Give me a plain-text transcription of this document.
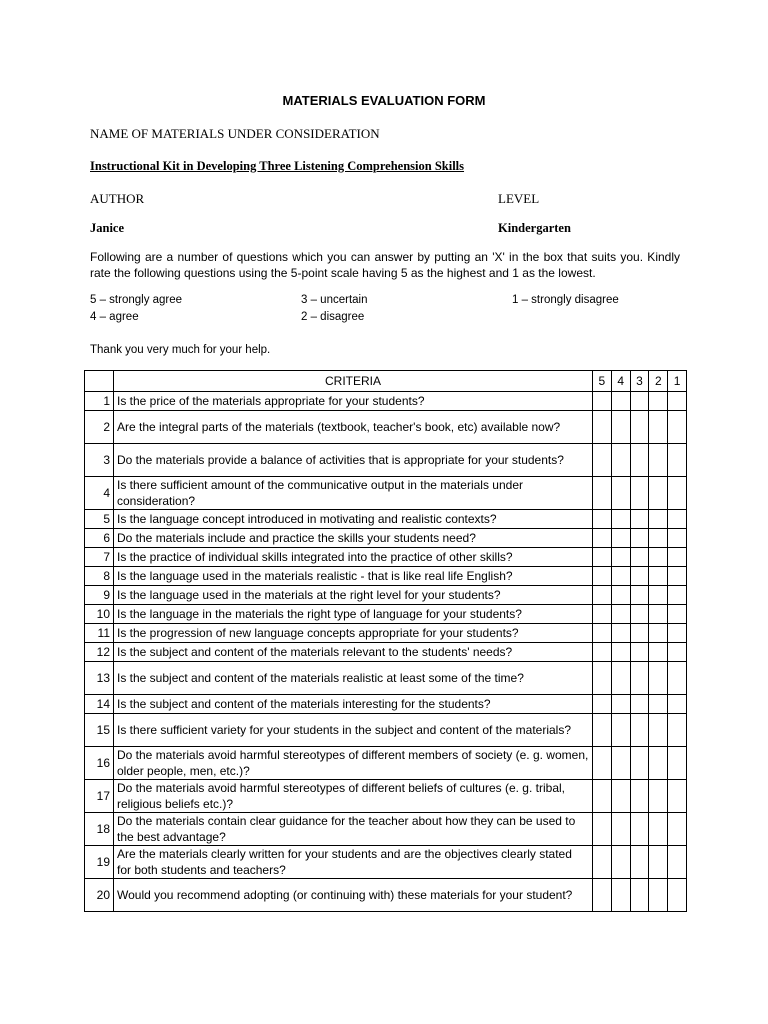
MATERIALS EVALUATION FORM
NAME OF MATERIALS UNDER CONSIDERATION
Instructional Kit in Developing Three Listening Comprehension Skills
AUTHOR	LEVEL
Janice	Kindergarten
Following are a number of questions which you can answer by putting an 'X' in the box that suits you. Kindly rate the following questions using the 5-point scale having 5 as the highest and 1 as the lowest.
5 – strongly agree
4 – agree
3 – uncertain
2 – disagree
1 – strongly disagree
Thank you very much for your help.
	CRITERIA	5	4	3	2	1
1	Is the price of the materials appropriate for your students?					
2	Are the integral parts of the materials (textbook, teacher's book, etc) available now?					
3	Do the materials provide a balance of activities that is appropriate for your students?					
4	Is there sufficient amount of the communicative output in the materials under consideration?					
5	Is the language concept introduced in motivating and realistic contexts?					
6	Do the materials include and practice the skills your students need?					
7	Is the practice of individual skills integrated into the practice of other skills?					
8	Is the language used in the materials realistic - that is like real life English?					
9	Is the language used in the materials at the right level for your students?					
10	Is the language in the materials the right type of language for your students?					
11	Is the progression of new language concepts appropriate for your students?					
12	Is the subject and content of the materials relevant to the students' needs?					
13	Is the subject and content of the materials realistic at least some of the time?					
14	Is the subject and content of the materials interesting for the students?					
15	Is there sufficient variety for your students in the subject and content of the materials?					
16	Do the materials avoid harmful stereotypes of different members of society (e. g. women, older people, men, etc.)?					
17	Do the materials avoid harmful stereotypes of different beliefs of cultures (e. g. tribal, religious beliefs etc.)?					
18	Do the materials contain clear guidance for the teacher about how they can be used to the best advantage?					
19	Are the materials clearly written for your students and are the objectives clearly stated for both students and teachers?					
20	Would you recommend adopting (or continuing with) these materials for your student?					
